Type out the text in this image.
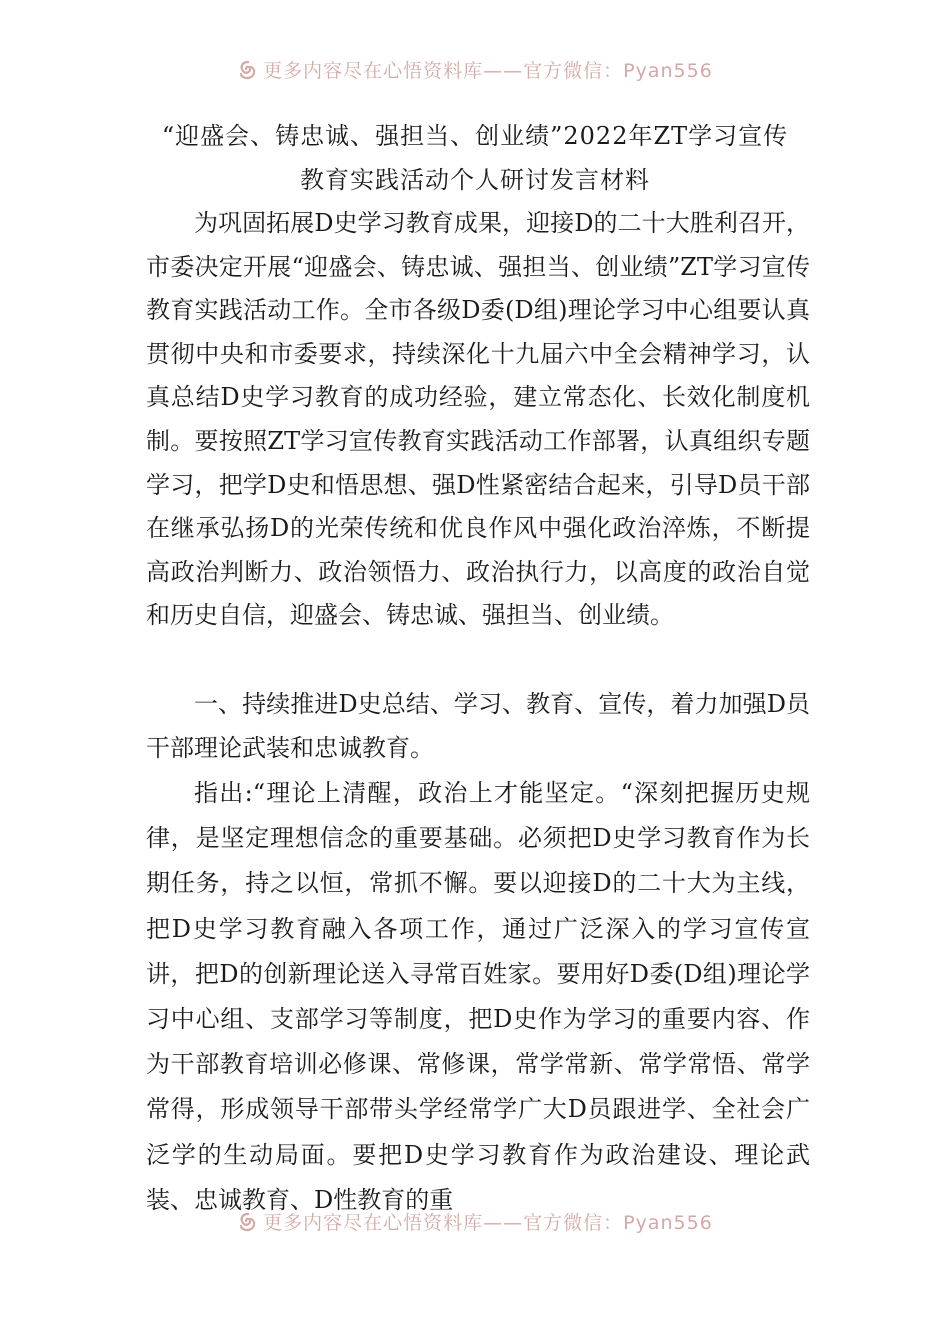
更多内容尽在心悟资料库——官方微信：Pyan556
“迎盛会、铸忠诚、强担当、创业绩”2022年ZT学习宣传
教育实践活动个人研讨发言材料

为巩固拓展D史学习教育成果，迎接D的二十大胜利召开，市委决定开展“迎盛会、铸忠诚、强担当、创业绩”ZT学习宣传教育实践活动工作。全市各级D委(D组)理论学习中心组要认真贯彻中央和市委要求，持续深化十九届六中全会精神学习，认真总结D史学习教育的成功经验，建立常态化、长效化制度机制。要按照ZT学习宣传教育实践活动工作部署，认真组织专题学习，把学D史和悟思想、强D性紧密结合起来，引导D员干部在继承弘扬D的光荣传统和优良作风中强化政治淬炼，不断提高政治判断力、政治领悟力、政治执行力，以高度的政治自觉和历史自信，迎盛会、铸忠诚、强担当、创业绩。

一、持续推进D史总结、学习、教育、宣传，着力加强D员干部理论武装和忠诚教育。

指出:“理论上清醒，政治上才能坚定。“深刻把握历史规律，是坚定理想信念的重要基础。必须把D史学习教育作为长期任务，持之以恒，常抓不懈。要以迎接D的二十大为主线，把D史学习教育融入各项工作，通过广泛深入的学习宣传宣讲，把D的创新理论送入寻常百姓家。要用好D委(D组)理论学习中心组、支部学习等制度，把D史作为学习的重要内容、作为干部教育培训必修课、常修课，常学常新、常学常悟、常学常得，形成领导干部带头学经常学广大D员跟进学、全社会广泛学的生动局面。要把D史学习教育作为政治建设、理论武装、忠诚教育、D性教育的重

更多内容尽在心悟资料库——官方微信：Pyan556
